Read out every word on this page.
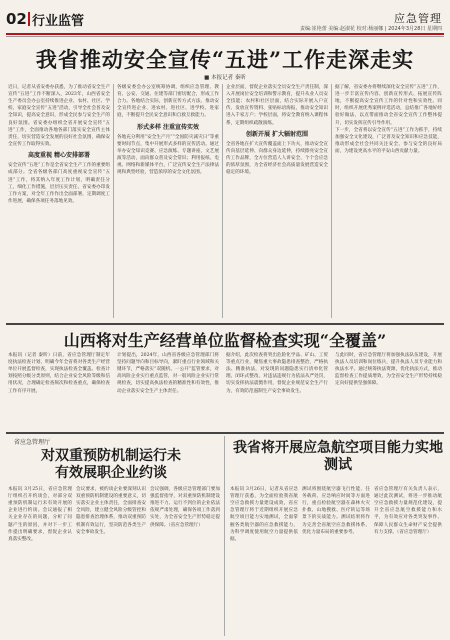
02 行业监管	应急管理
责编:崔艳蕾 美编:赵淑花 校对:杨丽娜 | 2024年3月28日 星期四
我省推动安全宣传“五进”工作走深走实
■ 本报记者 秦昕

近日，记者从省安委办获悉，为了推动省安全生产宣传“五进”工作不断深入，2023年，山西省安全生产委员会办公室持续推进企业、农村、社区、学校、家庭安全宣传“五进”活动，引导全社会普及安全知识，提高安全意识，形成全民参与安全生产的良好氛围。省安委办组织全省开展安全宣传“五进”工作，全面推动各地各部门落实安全宣传主体责任，切实营造安全发展的良好社会氛围，确保安全宣传工作取得实效。

高度重视 精心安排部署

安全宣传“五进”工作是全省安全生产工作的重要组成部分。全省各级各部门高度重视安全宣传“五进”工作，将其纳入年度工作计划，明确责任分工，细化工作措施，层层压实责任。省安委办印发工作方案，对全年工作作出全面部署，定期调度工作进展，确保各项任务落地见效。

各级安委会办公室统筹协调，组织应急管理、教育、公安、交通、住建等部门密切配合，形成工作合力。各地结合实际，创新宣传方式方法，推动安全宣传进企业、进农村、进社区、进学校、进家庭，不断提升全民安全意识和自救互救能力。

形式多样 注重宣传实效

各地充分利用“安全生产月”“全国防灾减灾日”等重要时间节点，集中开展形式多样的宣传活动。通过举办安全知识竞赛、应急演练、专题讲座、文艺展演等活动，面向群众普及安全常识；利用报纸、电视、网络和新媒体平台，广泛宣传安全生产法律法规和典型经验，营造浓厚的安全文化氛围。

企业层面，督促企业落实全员安全生产责任制，深入开展岗位安全培训和警示教育，提升从业人员安全技能；农村和社区层面，结合实际开展入户宣传、发放宣传资料、张贴标语海报，推动安全知识进入千家万户；学校层面，将安全教育纳入课程体系，定期组织疏散演练。

创新开展 扩大辐射范围

全省各地在扩大宣传覆盖面上下功夫，推动安全宣传向基层延伸、向群众身边延伸，持续擦亮安全宣传工作品牌，全方位营造人人讲安全、个个会应急的浓厚氛围，为全省经济社会高质量发展营造安全稳定的环境。

据了解，省安委办将继续深化安全宣传“五进”工作，进一步丰富宣传内容、创新宣传形式、拓展宣传阵地，不断提高安全宣传工作的针对性和实效性。同时，组织开展优秀案例评选活动，总结推广各地好经验好做法，以点带面推动全省安全宣传工作整体提升，切实发挥宣传引导作用。

下一步，全省将以安全宣传“五进”工作为抓手，持续加强安全文化建设，广泛普及安全知识和应急技能，推动形成全社会共同关注安全、参与安全的良好局面，为建设更高水平的平安山西贡献力量。

山西将对生产经营单位监督检查实现“全覆盖”
本报讯（记者 秦昕）日前，省应急管理厅制定年度执法检查计划，明确今年全省将对各类生产经营单位开展监督检查，实现执法检查全覆盖。检查计划按照分级分类原则，结合企业安全风险等级和信用状况，合理确定检查频次和检查重点，确保检查工作有序开展。
计划提出，2024年，山西省各级应急管理部门将坚持问题导向和目标导向，紧盯重点行业领域和关键环节，严格落实“双随机、一公开”监管要求，对高风险企业实行重点监管，对一般风险企业实行常规检查，切实提高执法检查的精准性和有效性，推动企业落实安全生产主体责任。
据介绍，此次检查将突出危险化学品、矿山、工贸等重点行业，聚焦重大事故隐患排查整治，严格执法、精准执法，对发现的问题隐患实行清单化管理、闭环式整改，对违法违规行为依法从严处罚，切实发挥执法震慑作用，督促企业规范安全生产行为，有效防范遏制生产安全事故发生。
与此同时，省应急管理厅将加强执法队伍建设，开展执法人员培训和岗位练兵，提升执法人员专业能力和执法水平。通过统筹执法资源，优化执法方式，推动监督检查工作提质增效，为全省安全生产形势持续稳定向好提供坚强保障。
省应急管理厅
对双重预防机制运行未有效展职企业约谈
本报讯 3月25日，省应急管理厅组织召开约谈会，对部分双重预防机制运行未有效开展的企业进行约谈。会议通报了相关企业存在的问题，分析了问题产生的原因，并对下一步工作提出明确要求，督促企业认真落实整改。
会议要求，被约谈企业要深刻认识双重预防机制建设的重要意义，切实落实企业主体责任，全面排查安全风险，建立健全风险分级管控和隐患排查治理体系，推动双重预防机制有效运行，坚决防范各类生产安全事故发生。
会议强调，各级应急管理部门要加强监督指导，对双重预防机制建设推进不力、运行不到位的企业依法依规严肃处理，确保各项工作落到实处，为全省安全生产形势稳定提供保障。（省应急管理厅）
我省将开展应急航空项目能力实地测试
本报讯 3月26日，记者从省应急管理厅获悉，为全面检验我省航空应急救援力量建设成效，省应急管理厅将于近期组织开展应急航空项目能力实地测试，全面掌握各类航空器的应急救援能力，为科学调度使用航空力量提供依据。
测试将围绕航空器飞行性能、任务载荷、应急响应时间等方面进行，重点检验航空器在森林火灾扑救、山地搜救、医疗转运等场景下的实战能力。测试结果将作为完善全省航空应急救援体系、优化力量布局的重要参考。
省应急管理厅有关负责人表示，通过此次测试，将进一步推动航空应急救援力量规范化建设，提升全省应急航空救援能力和水平，为有效应对各类突发事件、保障人民群众生命财产安全提供有力支撑。（省应急管理厅）
